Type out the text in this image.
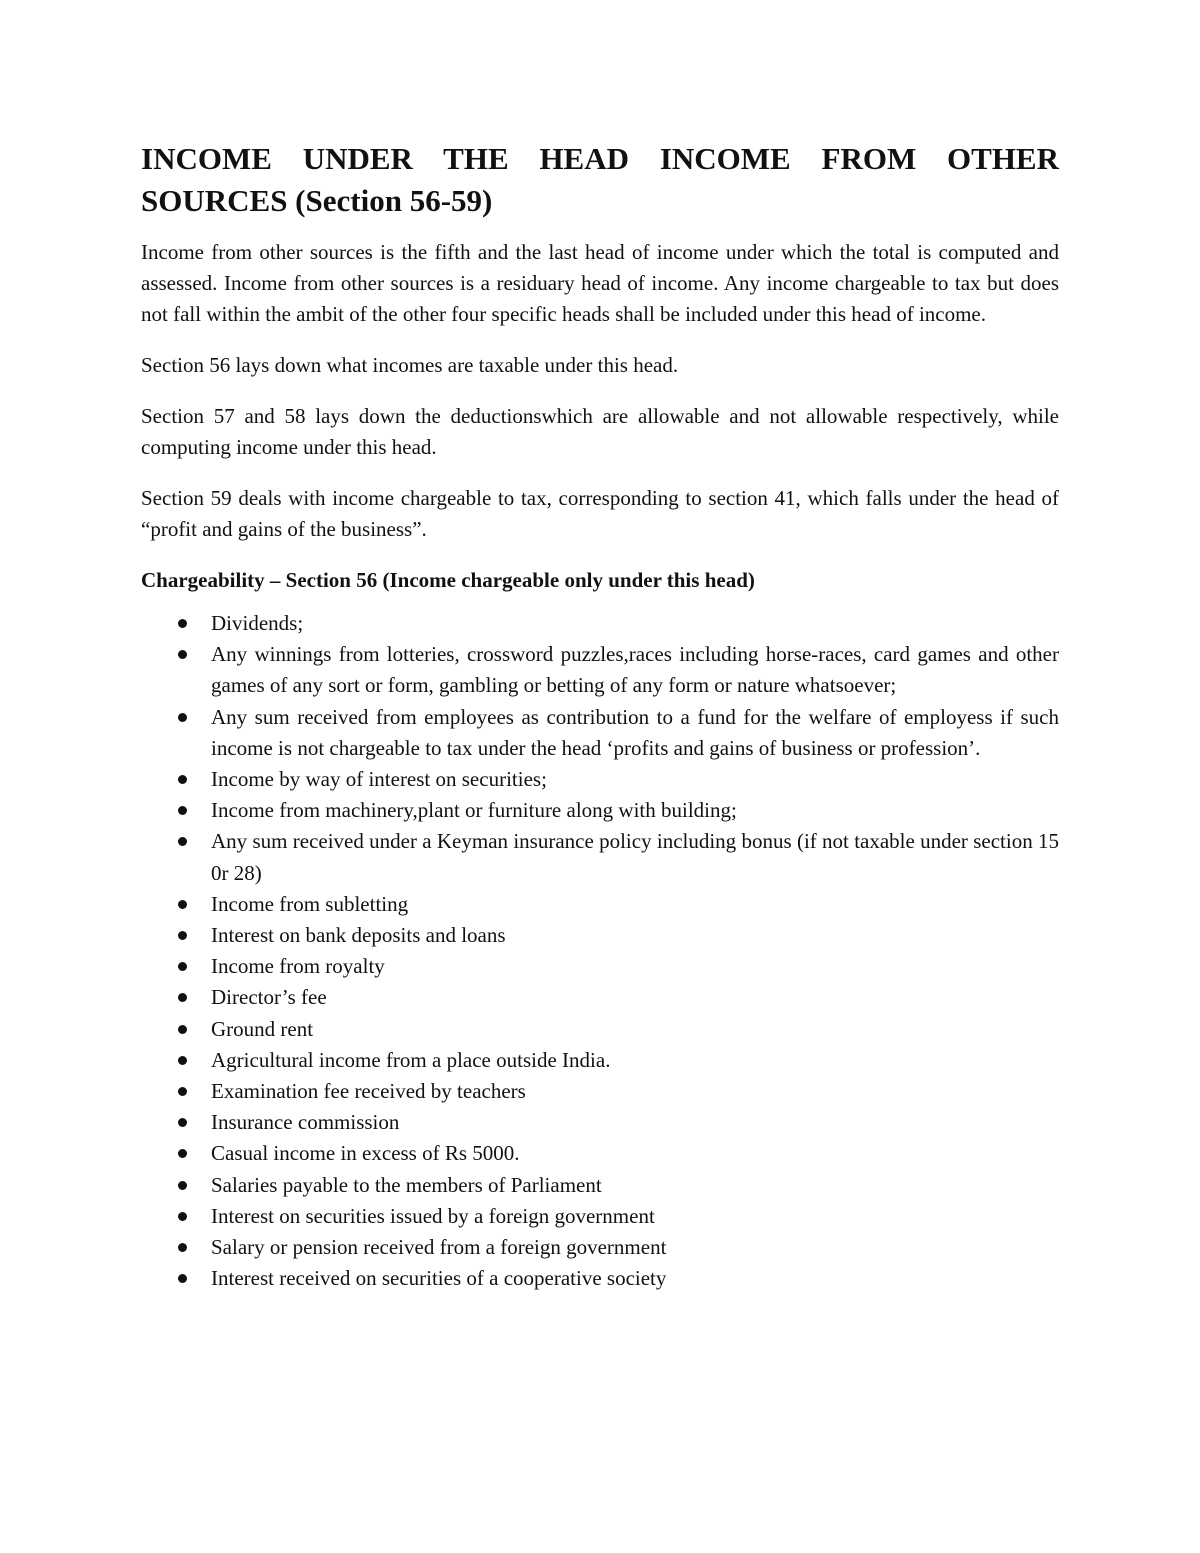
INCOME UNDER THE HEAD INCOME FROM OTHER
SOURCES (Section 56-59)

Income from other sources is the fifth and the last head of income under which the total is computed and assessed. Income from other sources is a residuary head of income. Any income chargeable to tax but does not fall within the ambit of the other four specific heads shall be included under this head of income.

Section 56 lays down what incomes are taxable under this head.

Section 57 and 58 lays down the deductionswhich are allowable and not allowable respectively, while computing income under this head.

Section 59 deals with income chargeable to tax, corresponding to section 41, which falls under the head of “profit and gains of the business”.

Chargeability – Section 56 (Income chargeable only under this head)
Dividends;
Any winnings from lotteries, crossword puzzles,races including horse-races, card games and other games of any sort or form, gambling or betting of any form or nature whatsoever;
Any sum received from employees as contribution to a fund for the welfare of employess if such income is not chargeable to tax under the head ‘profits and gains of business or profession’.
Income by way of interest on securities;
Income from machinery,plant or furniture along with building;
Any sum received under a Keyman insurance policy including bonus (if not taxable under section 15 0r 28)
Income from subletting
Interest on bank deposits and loans
Income from royalty
Director’s fee
Ground rent
Agricultural income from a place outside India.
Examination fee received by teachers
Insurance commission
Casual income in excess of Rs 5000.
Salaries payable to the members of Parliament
Interest on securities issued by a foreign government
Salary or pension received from a foreign government
Interest received on securities of a cooperative society
